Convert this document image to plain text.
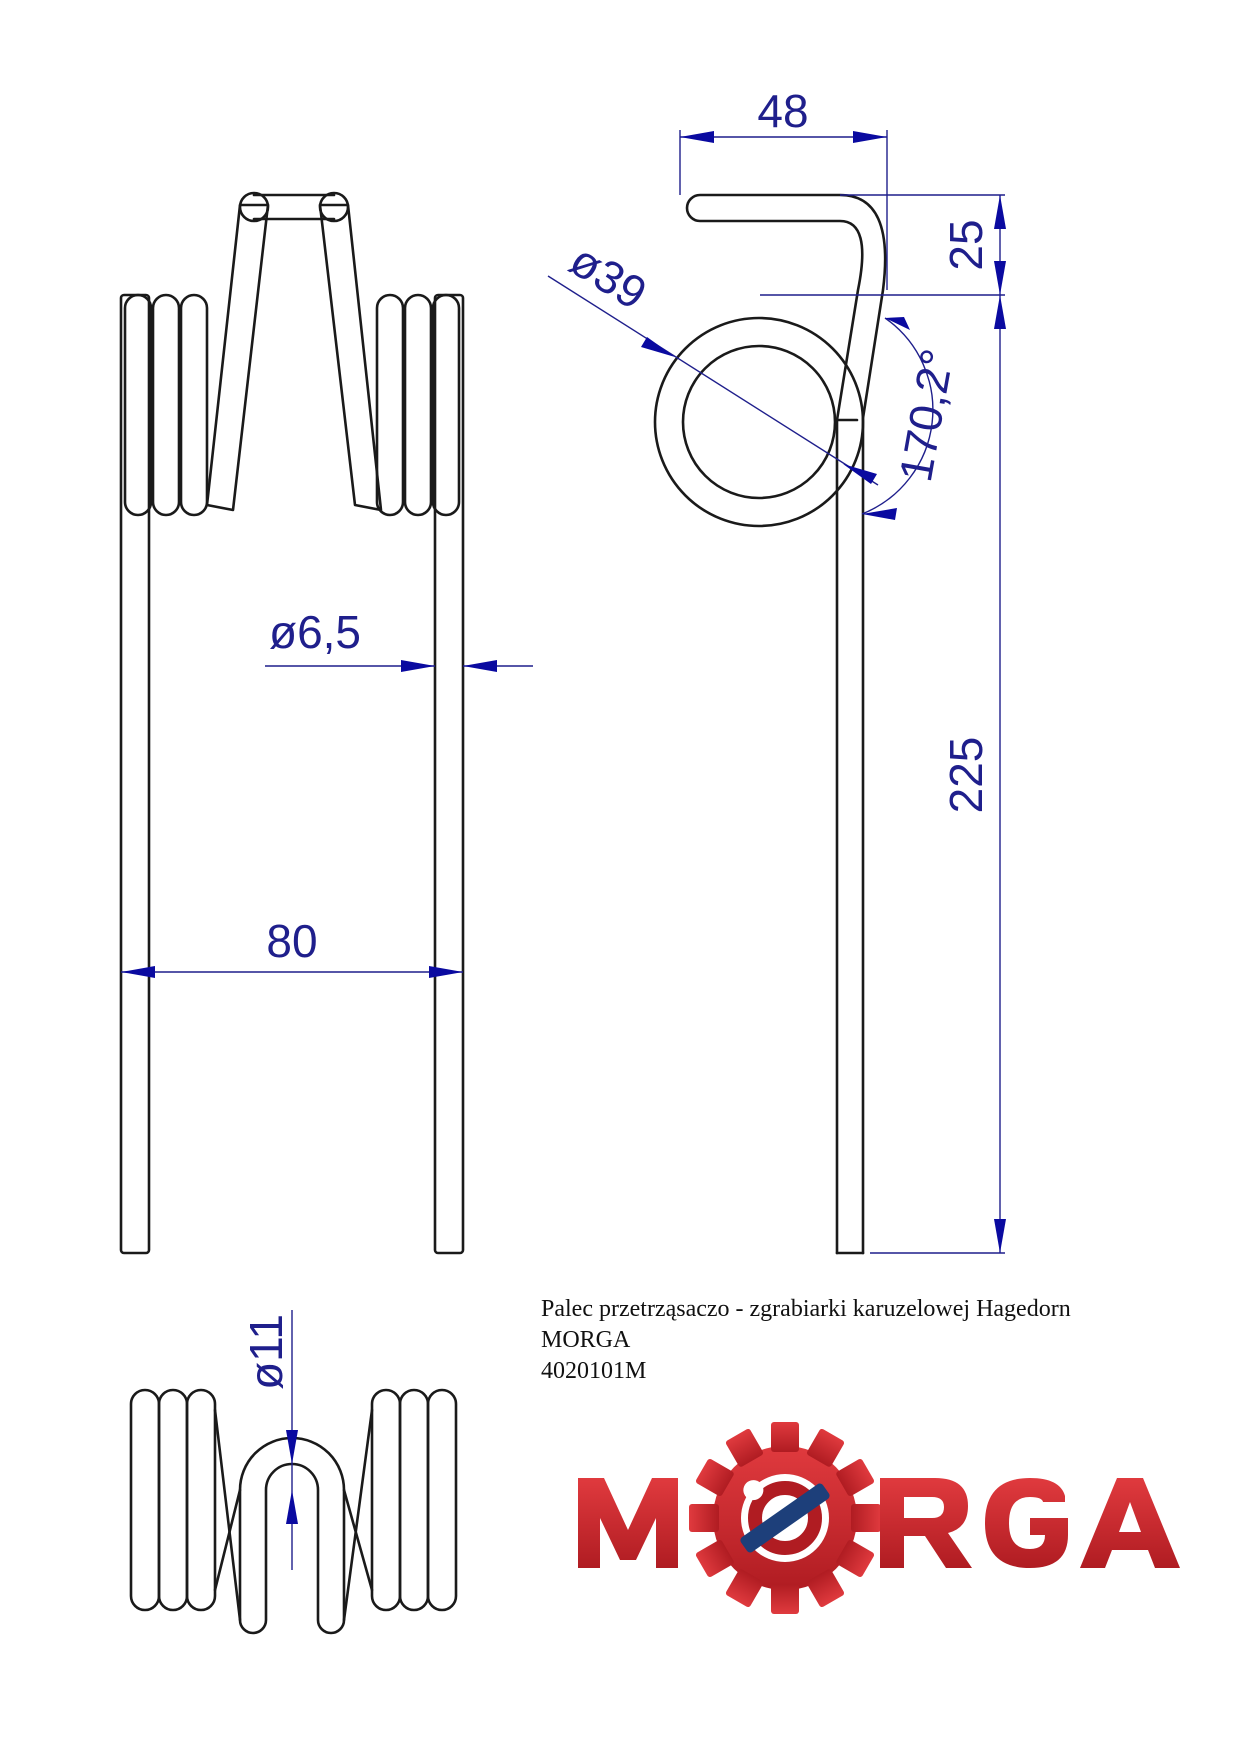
48
25
ø39
170,2°
225
ø6,5
80
ø11
Palec przetrząsaczo - zgrabiarki karuzelowej Hagedorn
MORGA
4020101M
